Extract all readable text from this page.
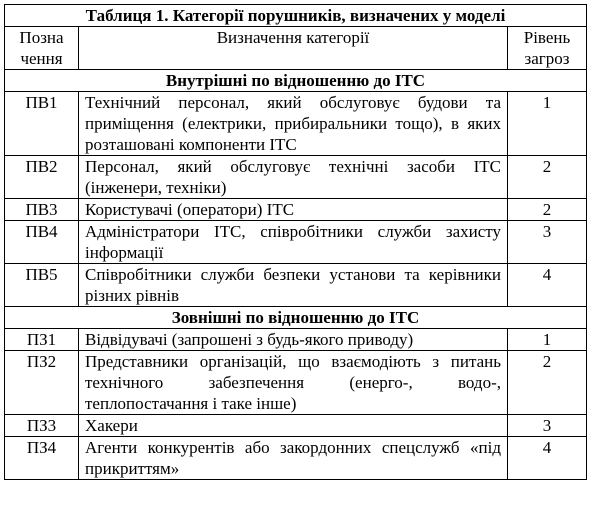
Таблиця 1. Категорії порушників, визначених у моделі		
Позна чення	Визначення категорії	Рівень загроз
Внутрішні по відношенню до ІТС		
ПВ1	Технічний персонал, який обслуговує будови та приміщення (електрики, прибиральники тощо), в яких розташовані компоненти ІТС	1
ПВ2	Персонал, який обслуговує технічні засоби ІТС (інженери, техніки)	2
ПВ3	Користувачі (оператори) ІТС	2
ПВ4	Адміністратори ІТС, співробітники служби захисту інформації	3
ПВ5	Співробітники служби безпеки установи та керівники різних рівнів	4
Зовнішні по відношенню до ІТС		
ПЗ1	Відвідувачі (запрошені з будь-якого приводу)	1
ПЗ2	Представники організацій, що взаємодіють з питань технічного забезпечення (енерго-, водо-, теплопостачання і таке інше)	2
ПЗ3	Хакери	3
ПЗ4	Агенти конкурентів або закордонних спецслужб «під прикриттям»	4
